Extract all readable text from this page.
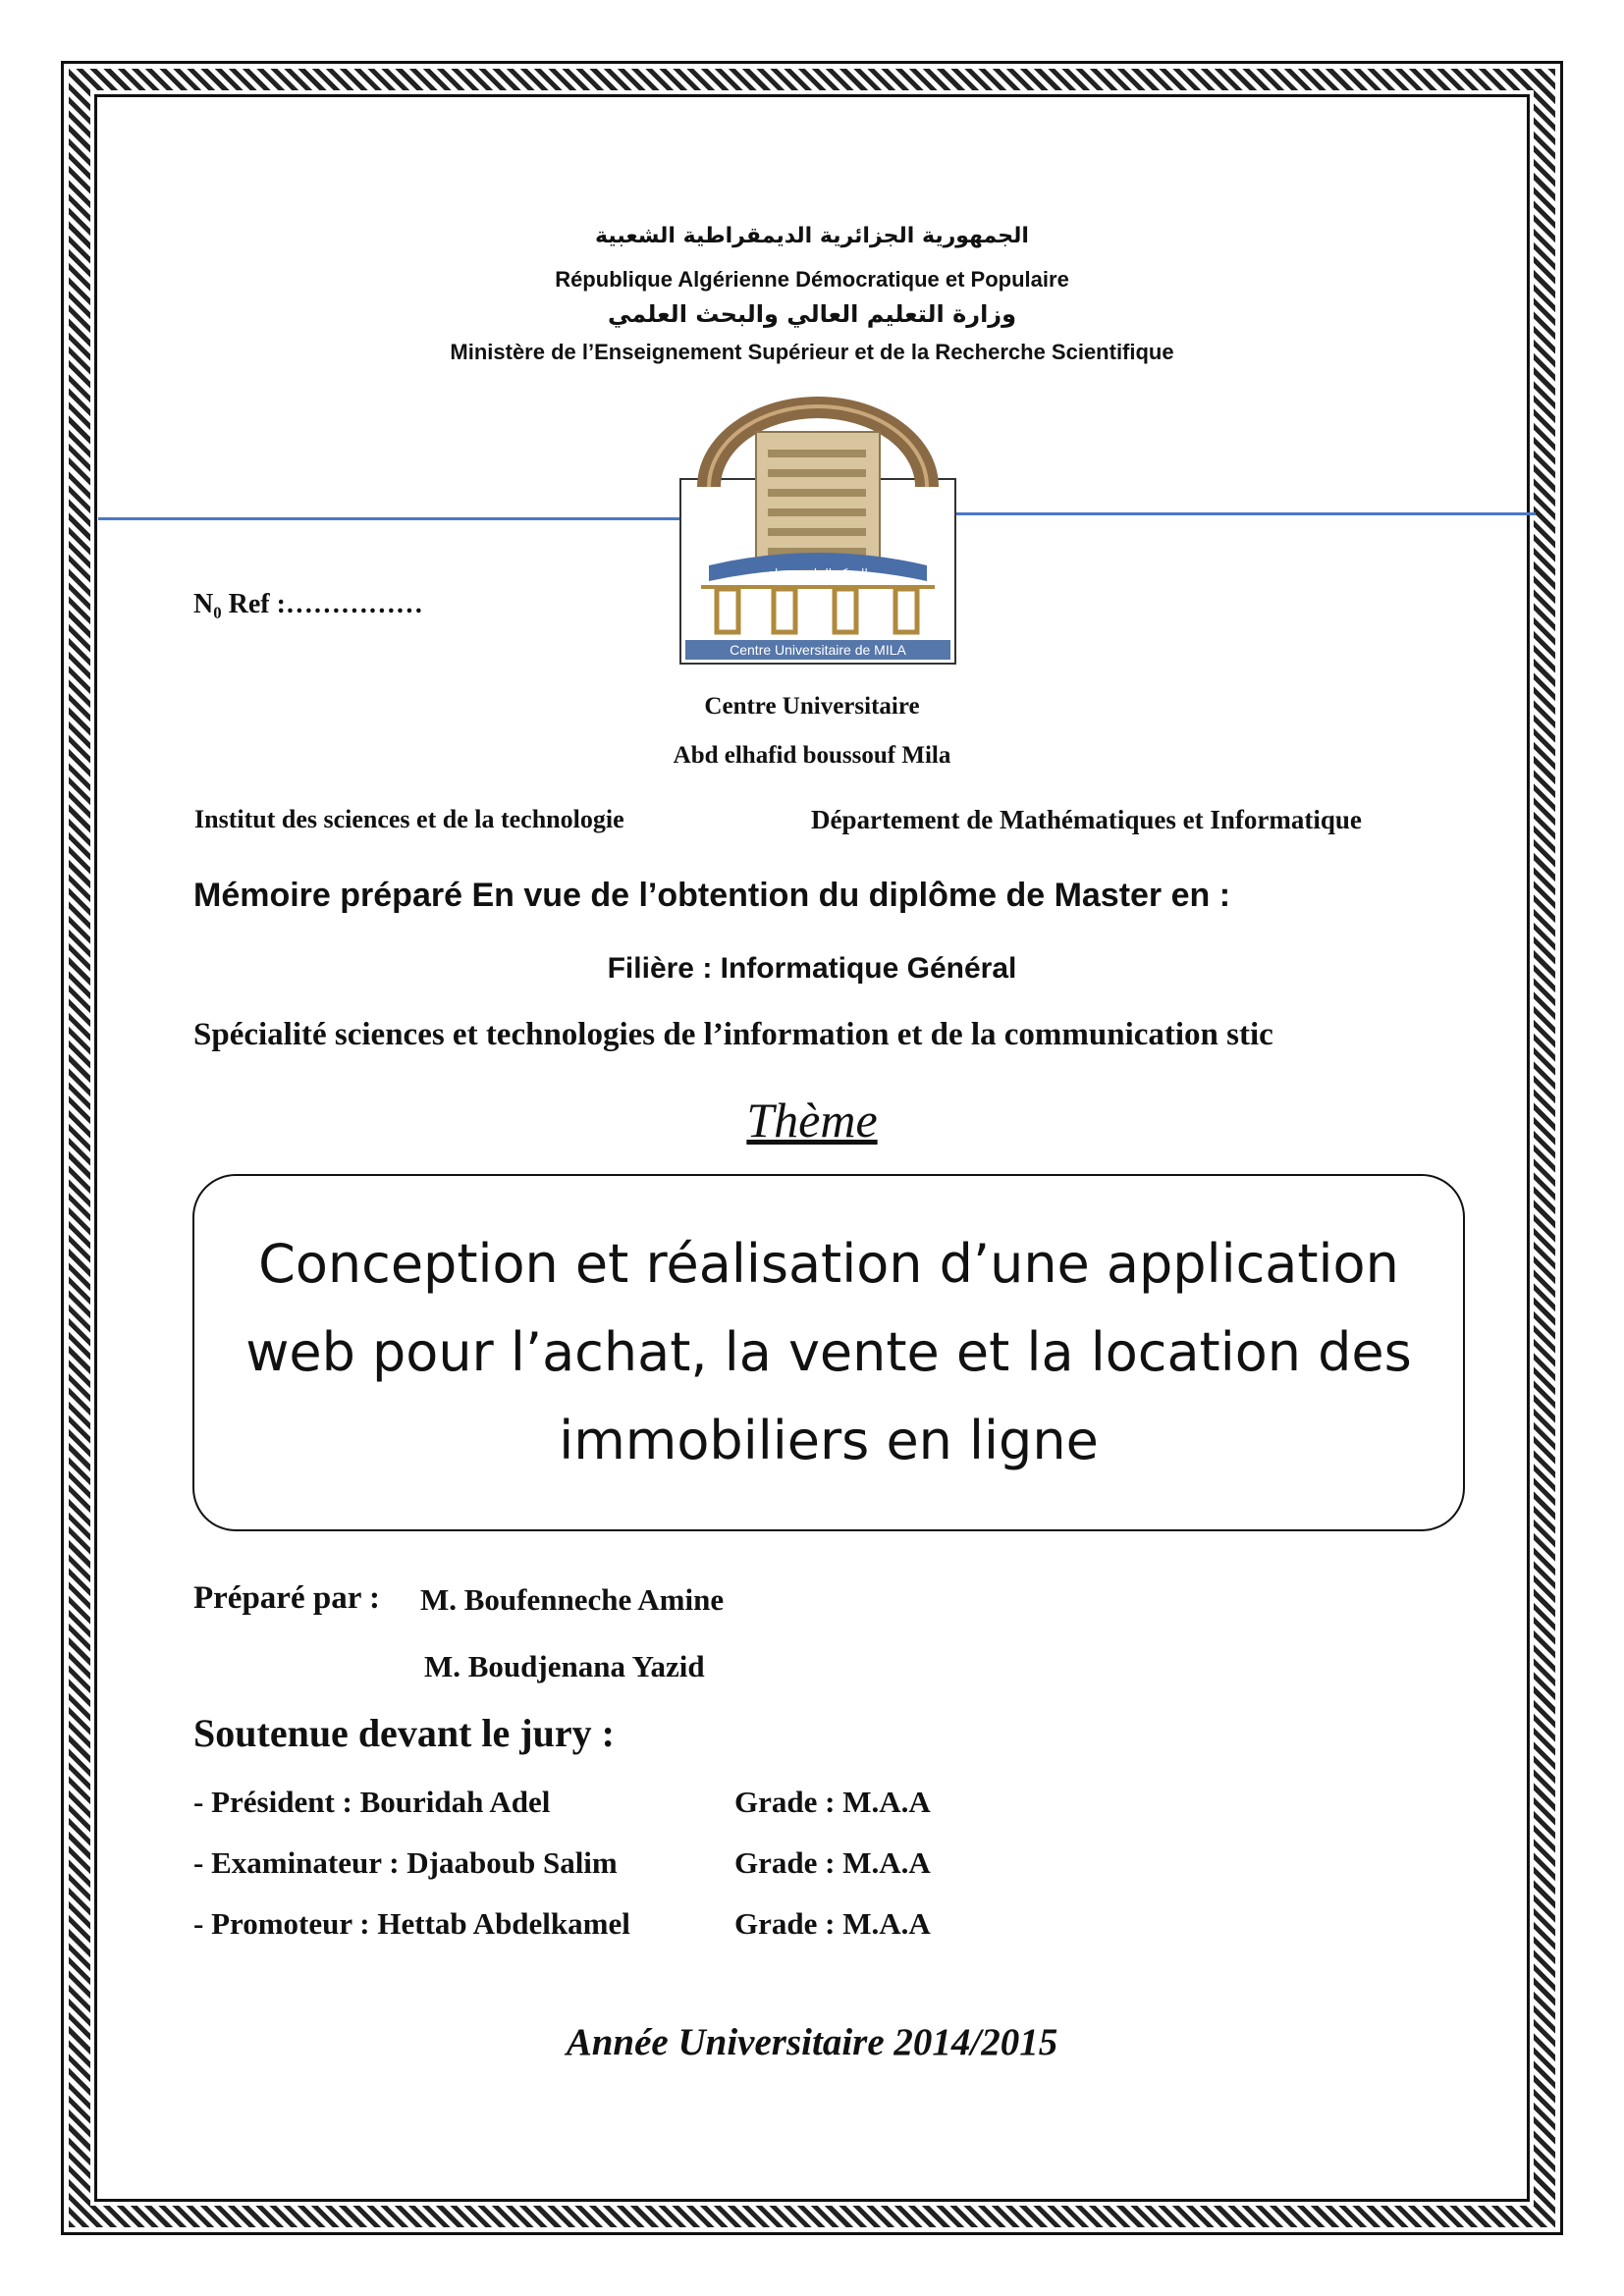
الجمهورية الجزائرية الديمقراطية الشعبية
République Algérienne Démocratique et Populaire
وزارة التعليم العالي والبحث العلمي
Ministère de l’Enseignement Supérieur et de la Recherche Scientifique
المركز الجامعي ميلة
Centre Universitaire de MILA
N₀ Ref :……………
Centre Universitaire
Abd elhafid boussouf Mila
Institut des sciences et de la technologie	Département de Mathématiques et Informatique
Mémoire préparé En vue de l’obtention du diplôme de Master en :
Filière : Informatique Général
Spécialité sciences et technologies de l’information et de la communication stic
Thème
Conception et réalisation d’une application web pour l’achat, la vente et la location des immobiliers en ligne
Préparé par : M. Boufenneche Amine
M. Boudjenana Yazid
Soutenue devant le jury :
- Président : Bouridah Adel	Grade : M.A.A
- Examinateur : Djaaboub Salim	Grade : M.A.A
- Promoteur : Hettab Abdelkamel	Grade : M.A.A
Année Universitaire 2014/2015
